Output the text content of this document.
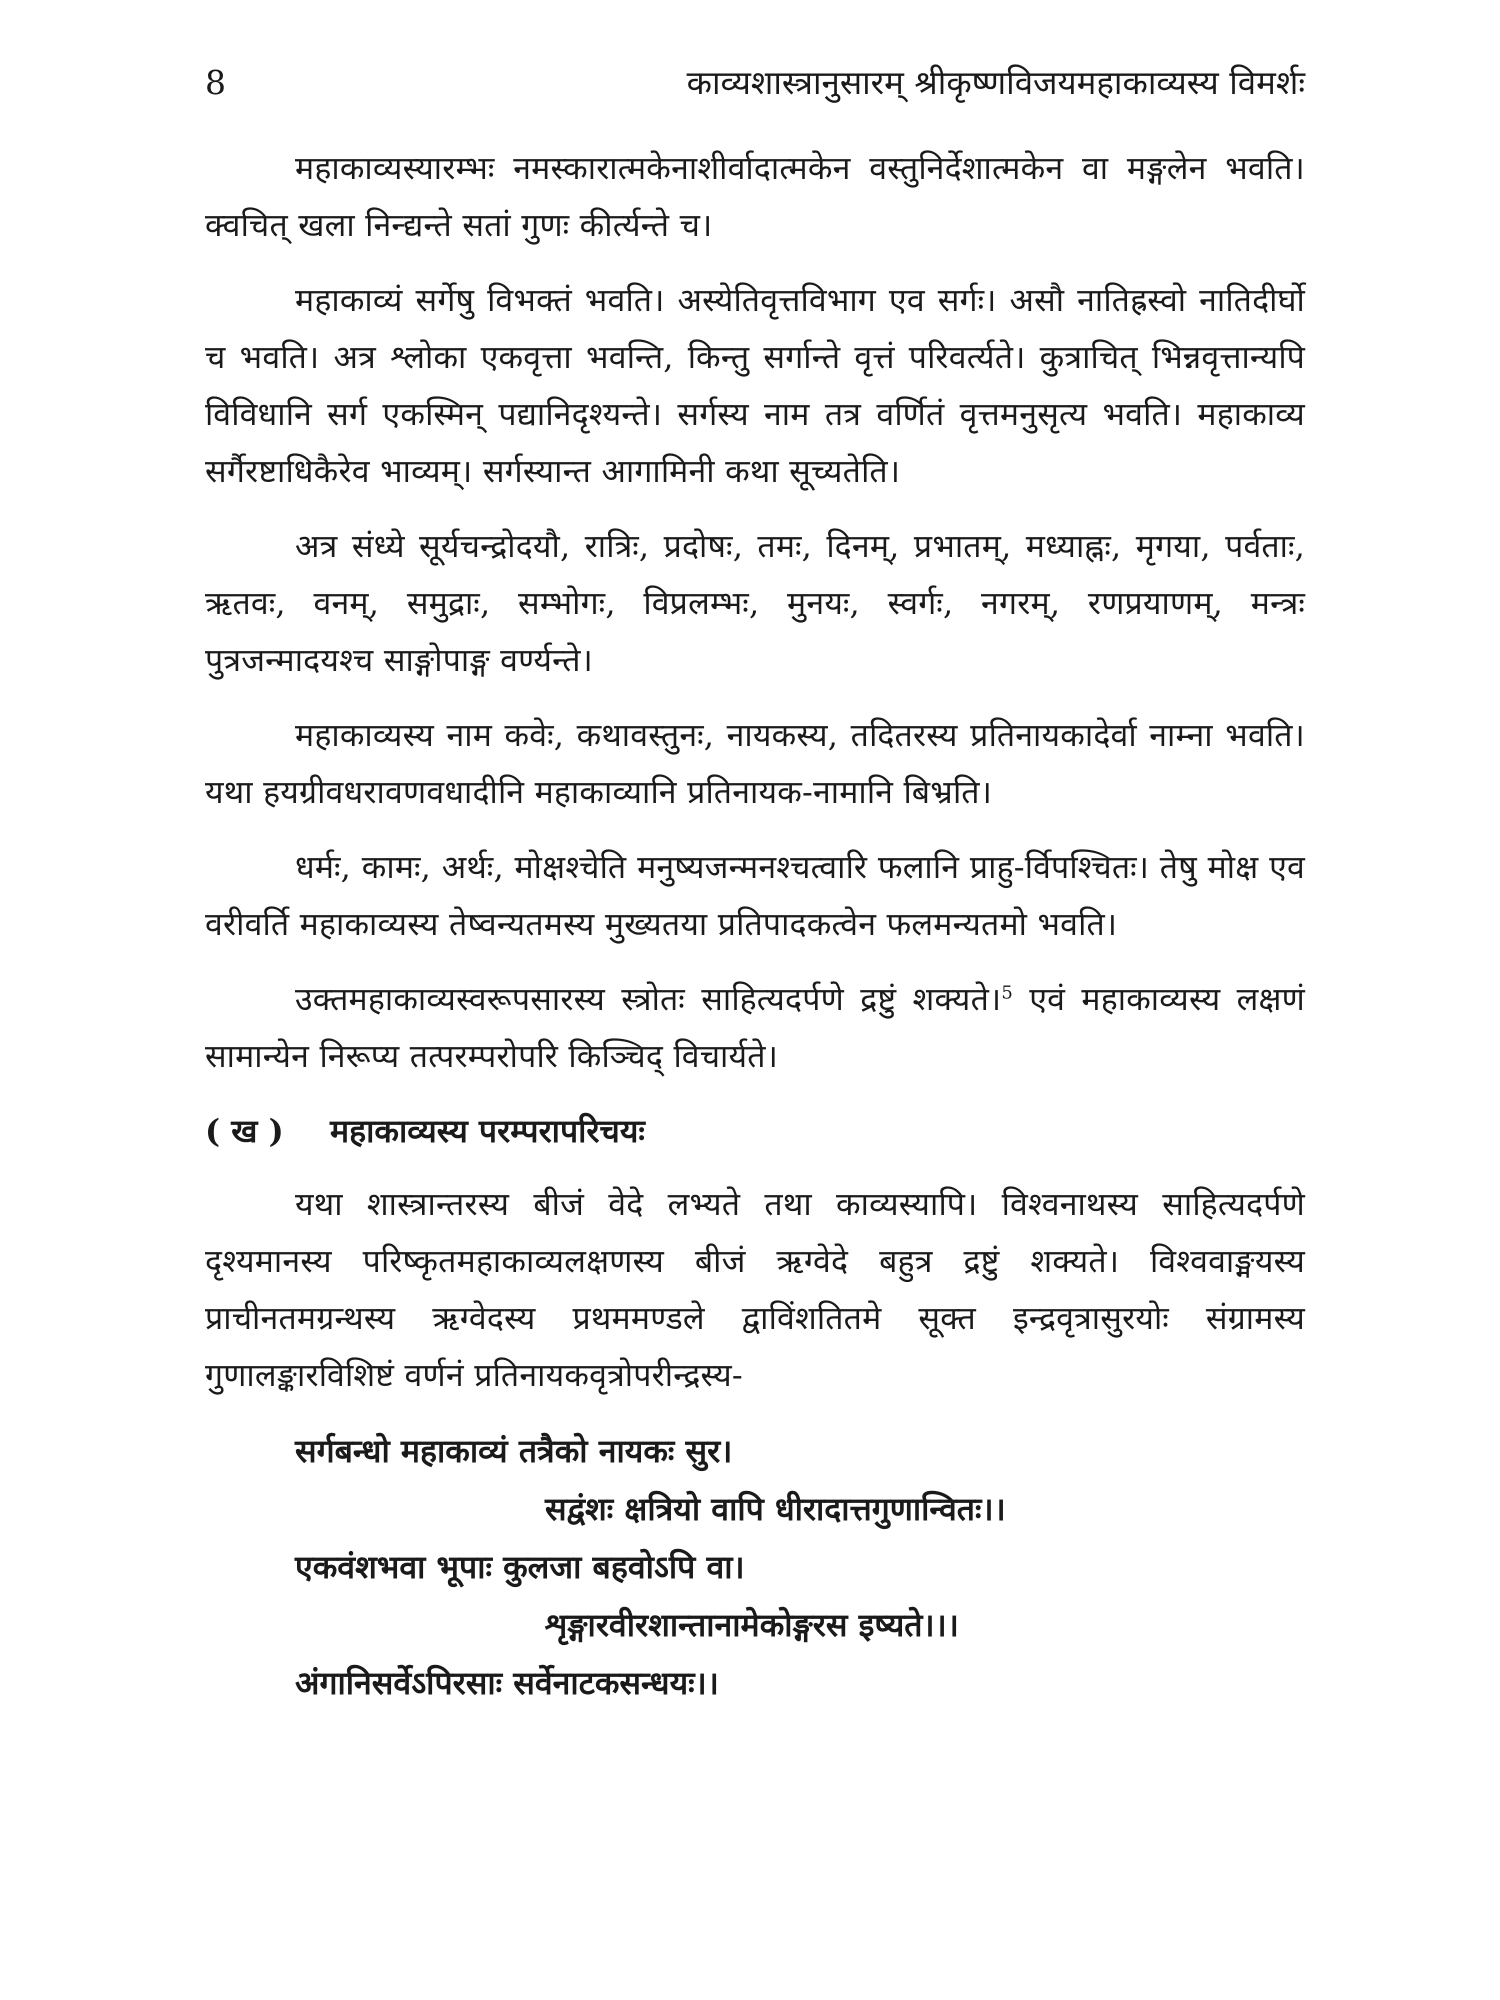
8	काव्यशास्त्रानुसारम् श्रीकृष्णविजयमहाकाव्यस्य विमर्शः

महाकाव्यस्यारम्भः नमस्कारात्मकेनाशीर्वादात्मकेन वस्तुनिर्देशात्मकेन वा मङ्गलेन भवति। क्वचित् खला निन्द्यन्ते सतां गुणः कीर्त्यन्ते च।

महाकाव्यं सर्गेषु विभक्तं भवति। अस्येतिवृत्तविभाग एव सर्गः। असौ नातिह्रस्वो नातिदीर्घो च भवति। अत्र श्लोका एकवृत्ता भवन्ति, किन्तु सर्गान्ते वृत्तं परिवर्त्यते। कुत्राचित् भिन्नवृत्तान्यपि विविधानि सर्ग एकस्मिन् पद्यानिदृश्यन्ते। सर्गस्य नाम तत्र वर्णितं वृत्तमनुसृत्य भवति। महाकाव्य सर्गैरष्टाधिकैरेव भाव्यम्। सर्गस्यान्त आगामिनी कथा सूच्यतेति।

अत्र संध्ये सूर्यचन्द्रोदयौ, रात्रिः, प्रदोषः, तमः, दिनम्, प्रभातम्, मध्याह्नः, मृगया, पर्वताः, ऋतवः, वनम्, समुद्राः, सम्भोगः, विप्रलम्भः, मुनयः, स्वर्गः, नगरम्, रणप्रयाणम्, मन्त्रः पुत्रजन्मादयश्च साङ्गोपाङ्ग वर्ण्यन्ते।

महाकाव्यस्य नाम कवेः, कथावस्तुनः, नायकस्य, तदितरस्य प्रतिनायकादेर्वा नाम्ना भवति। यथा हयग्रीवधरावणवधादीनि महाकाव्यानि प्रतिनायक-नामानि बिभ्रति।

धर्मः, कामः, अर्थः, मोक्षश्चेति मनुष्यजन्मनश्चत्वारि फलानि प्राहु-र्विपश्चितः। तेषु मोक्ष एव वरीवर्ति महाकाव्यस्य तेष्वन्यतमस्य मुख्यतया प्रतिपादकत्वेन फलमन्यतमो भवति।

उक्तमहाकाव्यस्वरूपसारस्य स्त्रोतः साहित्यदर्पणे द्रष्टुं शक्यते।$^5$ एवं महाकाव्यस्य लक्षणं सामान्येन निरूप्य तत्परम्परोपरि किञ्चिद् विचार्यते।

( ख ) महाकाव्यस्य परम्परापरिचयः

यथा शास्त्रान्तरस्य बीजं वेदे लभ्यते तथा काव्यस्यापि। विश्वनाथस्य साहित्यदर्पणे दृश्यमानस्य परिष्कृतमहाकाव्यलक्षणस्य बीजं ऋग्वेदे बहुत्र द्रष्टुं शक्यते। विश्ववाङ्मयस्य प्राचीनतमग्रन्थस्य ऋग्वेदस्य प्रथममण्डले द्वाविंशतितमे सूक्त इन्द्रवृत्रासुरयोः संग्रामस्य गुणालङ्कारविशिष्टं वर्णनं प्रतिनायकवृत्रोपरीन्द्रस्य-

सर्गबन्धो महाकाव्यं तत्रैको नायकः सुर।
सद्वंशः क्षत्रियो वापि धीरादात्तगुणान्वितः।।
एकवंशभवा भूपाः कुलजा बहवोऽपि वा।
शृङ्गारवीरशान्तानामेकोङ्गरस इष्यते।।।
अंगानिसर्वेऽपिरसाः सर्वेनाटकसन्धयः।।
